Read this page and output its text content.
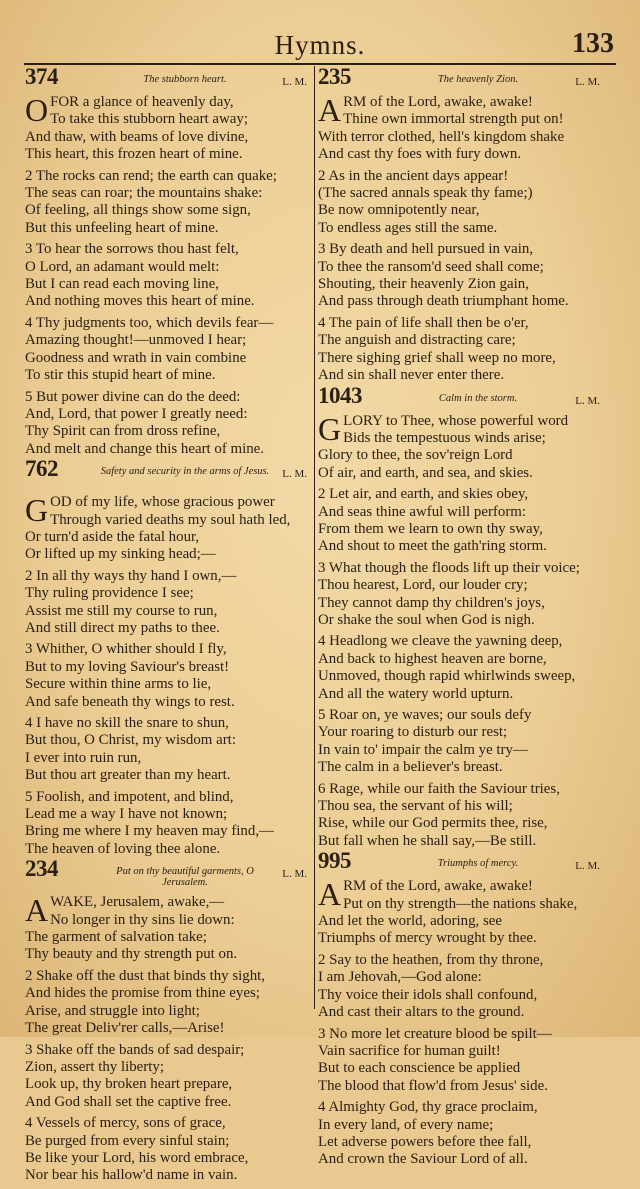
Hymns.	133
374	The stubborn heart.	L. M.
O FOR a glance of heavenly day,
To take this stubborn heart away;
And thaw, with beams of love divine,
This heart, this frozen heart of mine.
2 The rocks can rend; the earth can quake;
The seas can roar; the mountains shake:
Of feeling, all things show some sign,
But this unfeeling heart of mine.
3 To hear the sorrows thou hast felt,
O Lord, an adamant would melt:
But I can read each moving line,
And nothing moves this heart of mine.
4 Thy judgments too, which devils fear—
Amazing thought!—unmoved I hear;
Goodness and wrath in vain combine
To stir this stupid heart of mine.
5 But power divine can do the deed:
And, Lord, that power I greatly need:
Thy Spirit can from dross refine,
And melt and change this heart of mine.
762	Safety and security in the arms of Jesus.	L. M.
GOD of my life, whose gracious power
Through varied deaths my soul hath led,
Or turn'd aside the fatal hour,
Or lifted up my sinking head;—
2 In all thy ways thy hand I own,—
Thy ruling providence I see;
Assist me still my course to run,
And still direct my paths to thee.
3 Whither, O whither should I fly,
But to my loving Saviour's breast!
Secure within thine arms to lie,
And safe beneath thy wings to rest.
4 I have no skill the snare to shun,
But thou, O Christ, my wisdom art:
I ever into ruin run,
But thou art greater than my heart.
5 Foolish, and impotent, and blind,
Lead me a way I have not known;
Bring me where I my heaven may find,—
The heaven of loving thee alone.
234	Put on thy beautiful garments, O Jerusalem.
L. M.
AWAKE, Jerusalem, awake,—
No longer in thy sins lie down:
The garment of salvation take;
Thy beauty and thy strength put on.
2 Shake off the dust that binds thy sight,
And hides the promise from thine eyes;
Arise, and struggle into light;
The great Deliv'rer calls,—Arise!
3 Shake off the bands of sad despair;
Zion, assert thy liberty;
Look up, thy broken heart prepare,
And God shall set the captive free.
4 Vessels of mercy, sons of grace,
Be purged from every sinful stain;
Be like your Lord, his word embrace,
Nor bear his hallow'd name in vain.
235	The heavenly Zion.	L. M.
ARM of the Lord, awake, awake!
Thine own immortal strength put on!
With terror clothed, hell's kingdom shake
And cast thy foes with fury down.
2 As in the ancient days appear!
(The sacred annals speak thy fame;)
Be now omnipotently near,
To endless ages still the same.
3 By death and hell pursued in vain,
To thee the ransom'd seed shall come;
Shouting, their heavenly Zion gain,
And pass through death triumphant home.
4 The pain of life shall then be o'er,
The anguish and distracting care;
There sighing grief shall weep no more,
And sin shall never enter there.
1043	Calm in the storm.	L. M.
GLORY to Thee, whose powerful word
Bids the tempestuous winds arise;
Glory to thee, the sov'reign Lord
Of air, and earth, and sea, and skies.
2 Let air, and earth, and skies obey,
And seas thine awful will perform:
From them we learn to own thy sway,
And shout to meet the gath'ring storm.
3 What though the floods lift up their voice;
Thou hearest, Lord, our louder cry;
They cannot damp thy children's joys,
Or shake the soul when God is nigh.
4 Headlong we cleave the yawning deep,
And back to highest heaven are borne,
Unmoved, though rapid whirlwinds sweep,
And all the watery world upturn.
5 Roar on, ye waves; our souls defy
Your roaring to disturb our rest;
In vain to' impair the calm ye try—
The calm in a believer's breast.
6 Rage, while our faith the Saviour tries,
Thou sea, the servant of his will;
Rise, while our God permits thee, rise,
But fall when he shall say,—Be still.
995	Triumphs of mercy.	L. M.
ARM of the Lord, awake, awake!
Put on thy strength—the nations shake,
And let the world, adoring, see
Triumphs of mercy wrought by thee.
2 Say to the heathen, from thy throne,
I am Jehovah,—God alone:
Thy voice their idols shall confound,
And cast their altars to the ground.
3 No more let creature blood be spilt—
Vain sacrifice for human guilt!
But to each conscience be applied
The blood that flow'd from Jesus' side.
4 Almighty God, thy grace proclaim,
In every land, of every name;
Let adverse powers before thee fall,
And crown the Saviour Lord of all.
